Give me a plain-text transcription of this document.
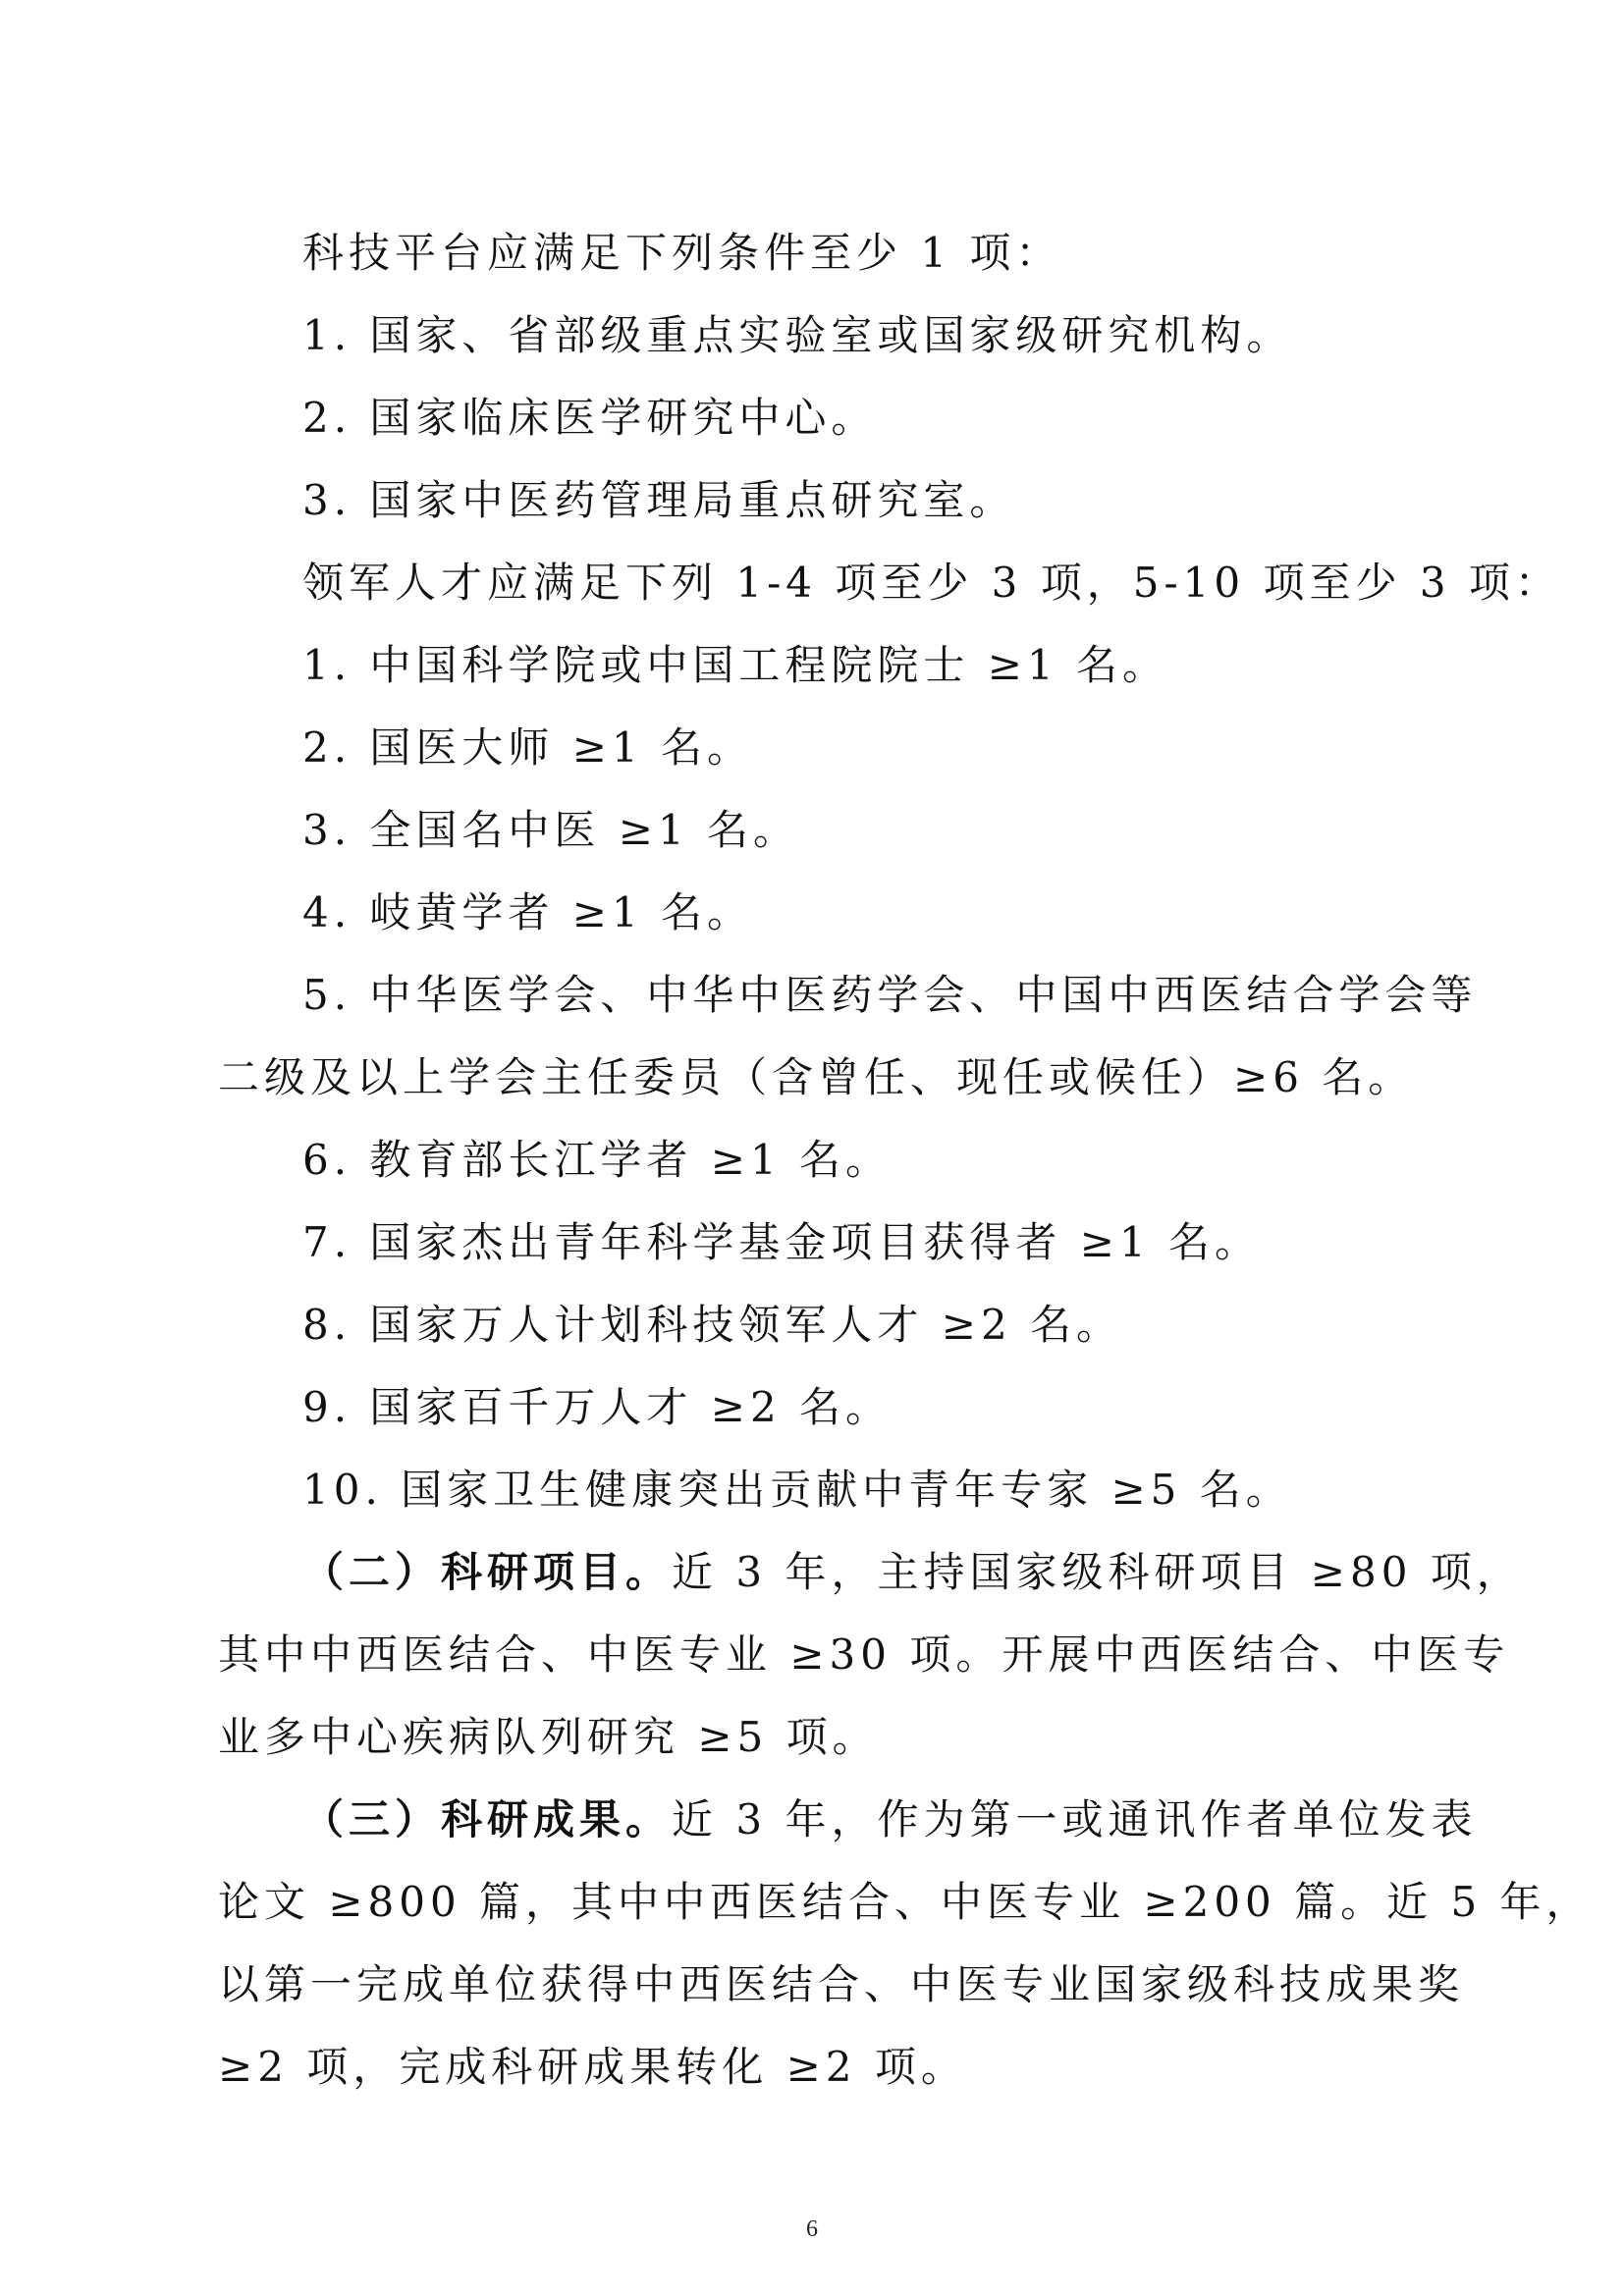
科技平台应满足下列条件至少 1 项：
1. 国家、省部级重点实验室或国家级研究机构。
2. 国家临床医学研究中心。
3. 国家中医药管理局重点研究室。
领军人才应满足下列 1-4 项至少 3 项，5-10 项至少 3 项：
1. 中国科学院或中国工程院院士 ≥1 名。
2. 国医大师 ≥1 名。
3. 全国名中医 ≥1 名。
4. 岐黄学者 ≥1 名。
5. 中华医学会、中华中医药学会、中国中西医结合学会等
二级及以上学会主任委员（含曾任、现任或候任）≥6 名。
6. 教育部长江学者 ≥1 名。
7. 国家杰出青年科学基金项目获得者 ≥1 名。
8. 国家万人计划科技领军人才 ≥2 名。
9. 国家百千万人才 ≥2 名。
10. 国家卫生健康突出贡献中青年专家 ≥5 名。
（二）科研项目。近 3 年，主持国家级科研项目 ≥80 项，
其中中西医结合、中医专业 ≥30 项。开展中西医结合、中医专
业多中心疾病队列研究 ≥5 项。
（三）科研成果。近 3 年，作为第一或通讯作者单位发表
论文 ≥800 篇，其中中西医结合、中医专业 ≥200 篇。近 5 年，
以第一完成单位获得中西医结合、中医专业国家级科技成果奖
≥2 项，完成科研成果转化 ≥2 项。
6
